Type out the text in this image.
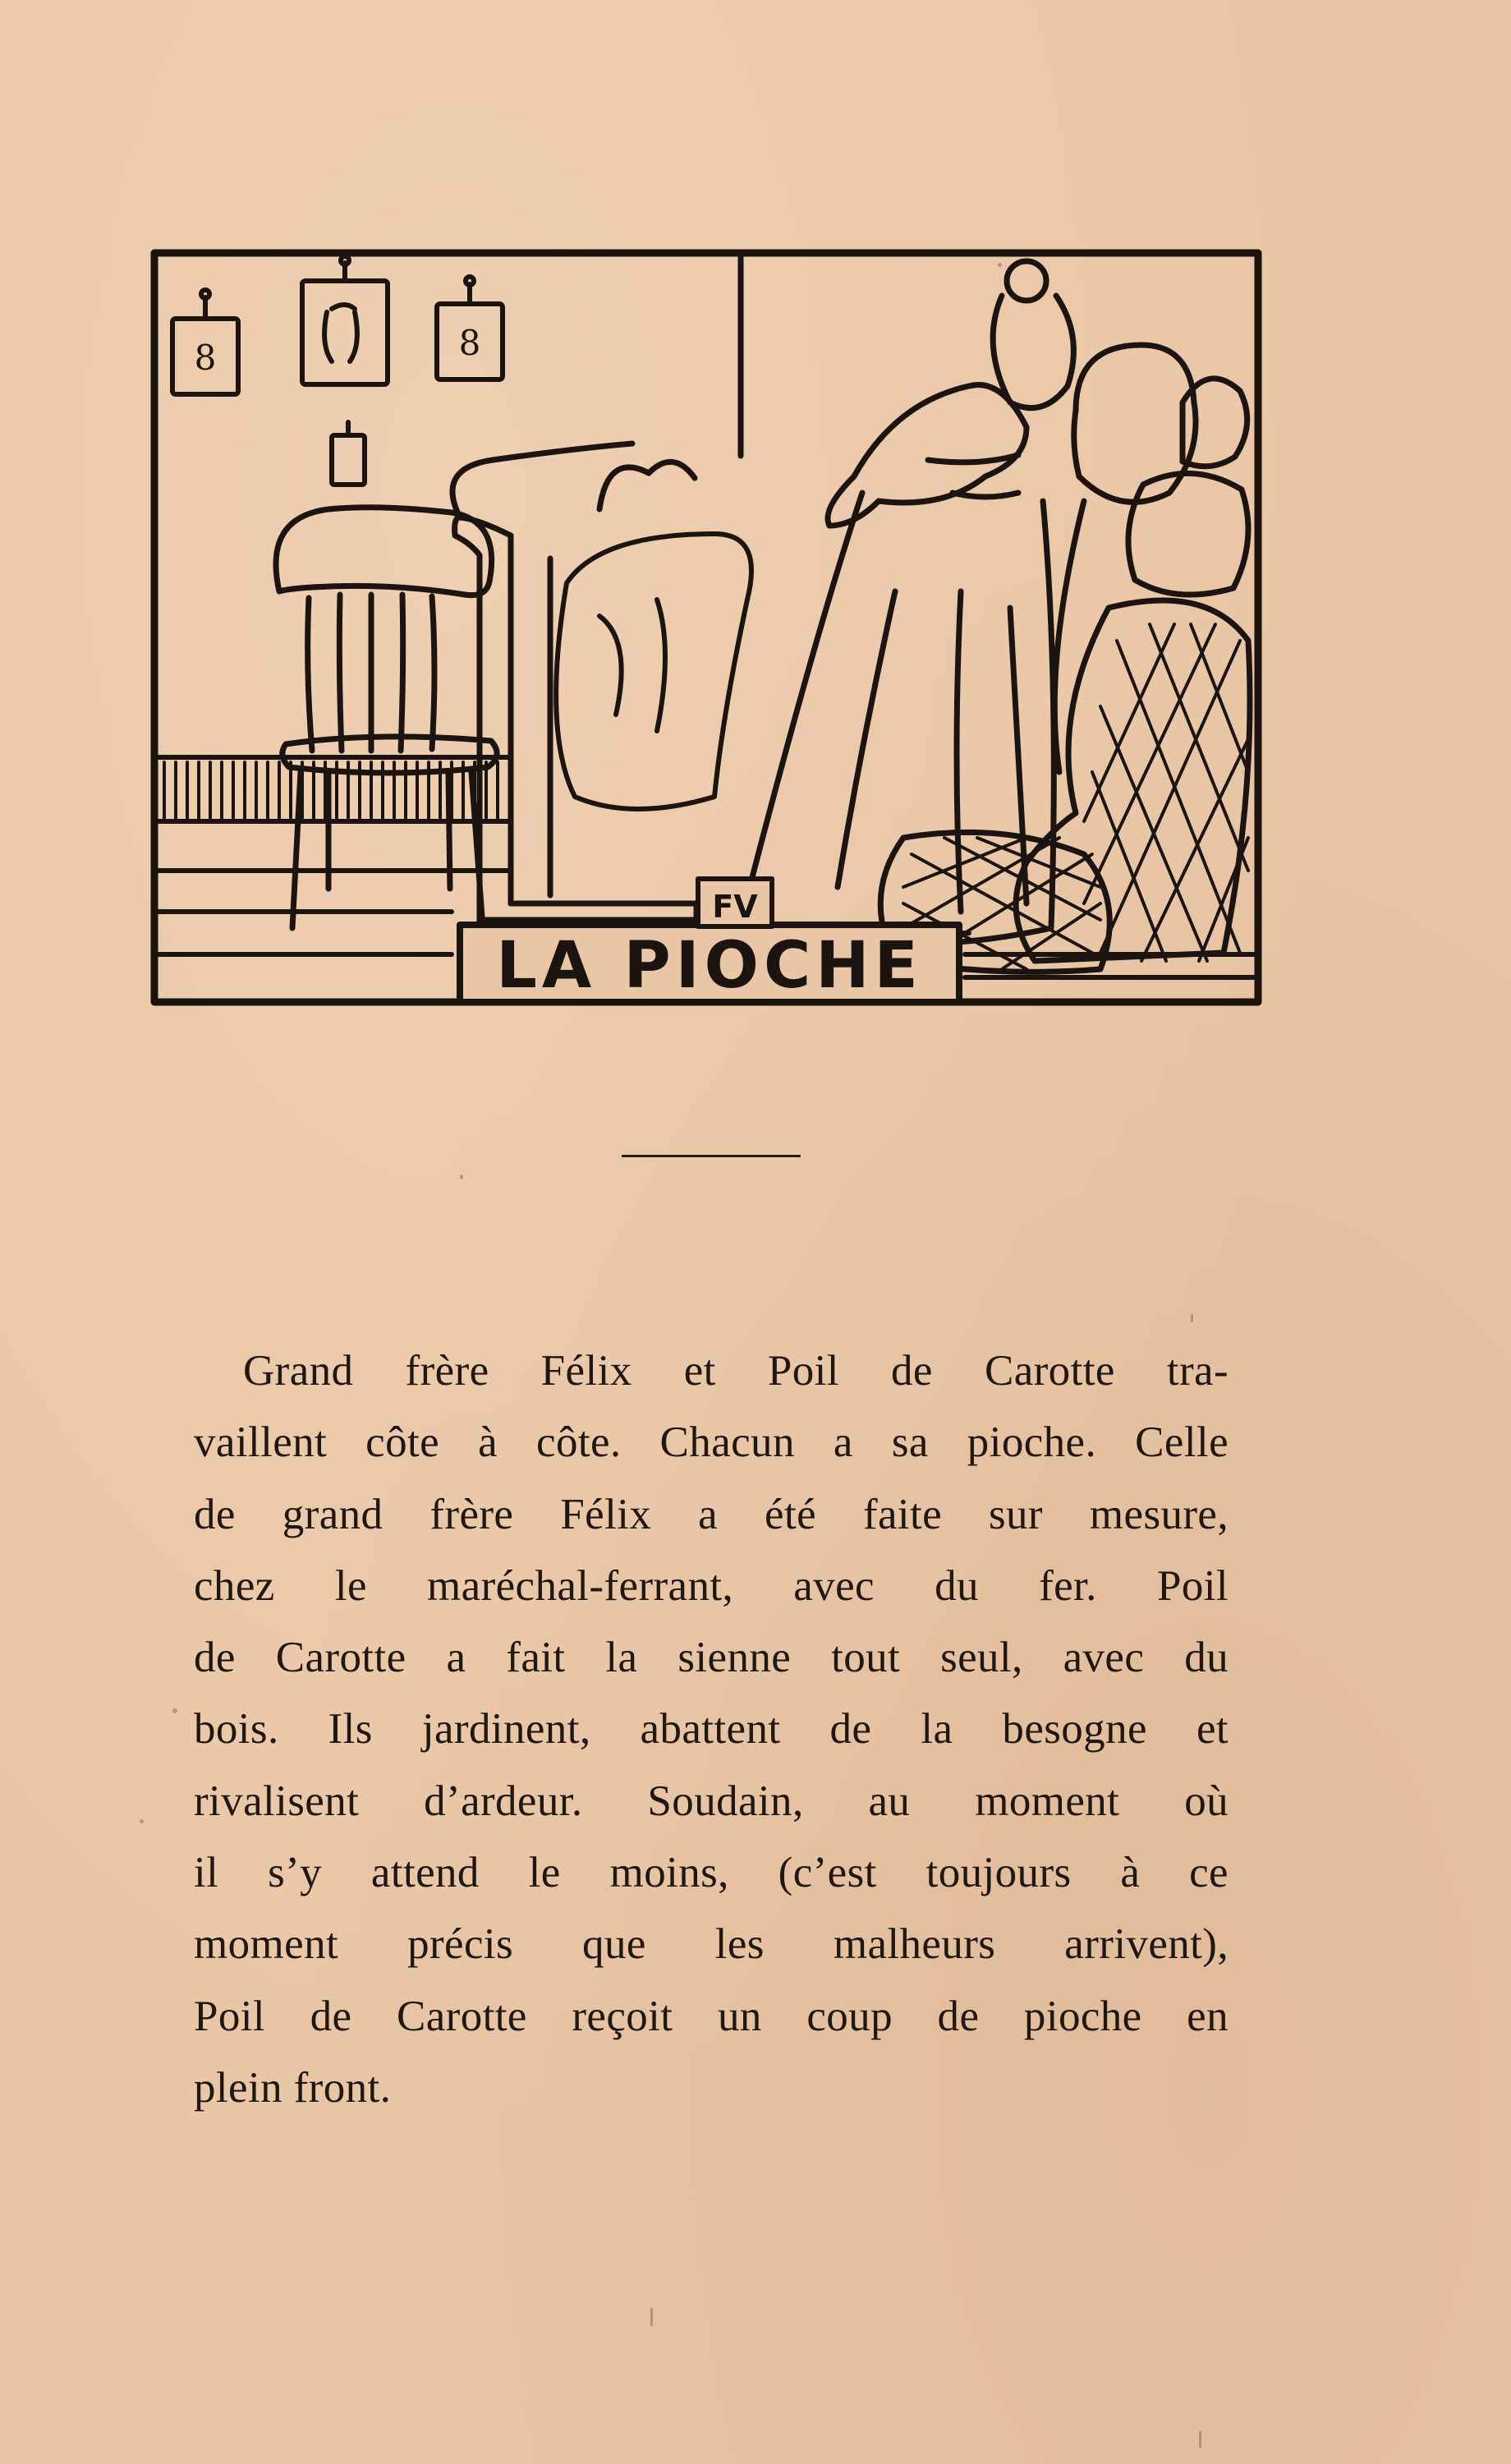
8	8
LA PIOCHE
FV
Grand frère Félix et Poil de Carotte tra-
vaillent côte à côte. Chacun a sa pioche. Celle
de grand frère Félix a été faite sur mesure,
chez le maréchal-ferrant, avec du fer. Poil
de Carotte a fait la sienne tout seul, avec du
bois. Ils jardinent, abattent de la besogne et
rivalisent d’ardeur. Soudain, au moment où
il s’y attend le moins, (c’est toujours à ce
moment précis que les malheurs arrivent),
Poil de Carotte reçoit un coup de pioche en
plein front.
